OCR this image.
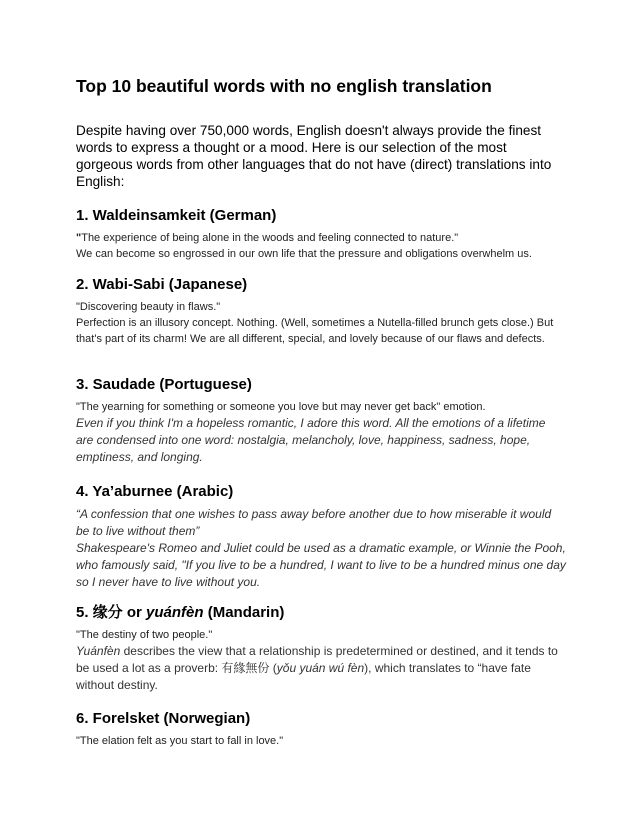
Top 10 beautiful words with no english translation

Despite having over 750,000 words, English doesn't always provide the finest words to express a thought or a mood. Here is our selection of the most gorgeous words from other languages that do not have (direct) translations into English:

1. Waldeinsamkeit (German)

"The experience of being alone in the woods and feeling connected to nature."

We can become so engrossed in our own life that the pressure and obligations overwhelm us.

2. Wabi-Sabi (Japanese)

"Discovering beauty in flaws."

Perfection is an illusory concept. Nothing. (Well, sometimes a Nutella-filled brunch gets close.) But that's part of its charm! We are all different, special, and lovely because of our flaws and defects.

3. Saudade (Portuguese)

"The yearning for something or someone you love but may never get back" emotion.

Even if you think I'm a hopeless romantic, I adore this word. All the emotions of a lifetime are condensed into one word: nostalgia, melancholy, love, happiness, sadness, hope, emptiness, and longing.

4. Ya’aburnee (Arabic)

“A confession that one wishes to pass away before another due to how miserable it would be to live without them”

Shakespeare's Romeo and Juliet could be used as a dramatic example, or Winnie the Pooh, who famously said, "If you live to be a hundred, I want to live to be a hundred minus one day so I never have to live without you.

5. 缘分 or yuánfèn (Mandarin)

"The destiny of two people."

Yuánfèn describes the view that a relationship is predetermined or destined, and it tends to be used a lot as a proverb: 有緣無份 (yǒu yuán wú fèn), which translates to “have fate without destiny.

6. Forelsket (Norwegian)

"The elation felt as you start to fall in love."
